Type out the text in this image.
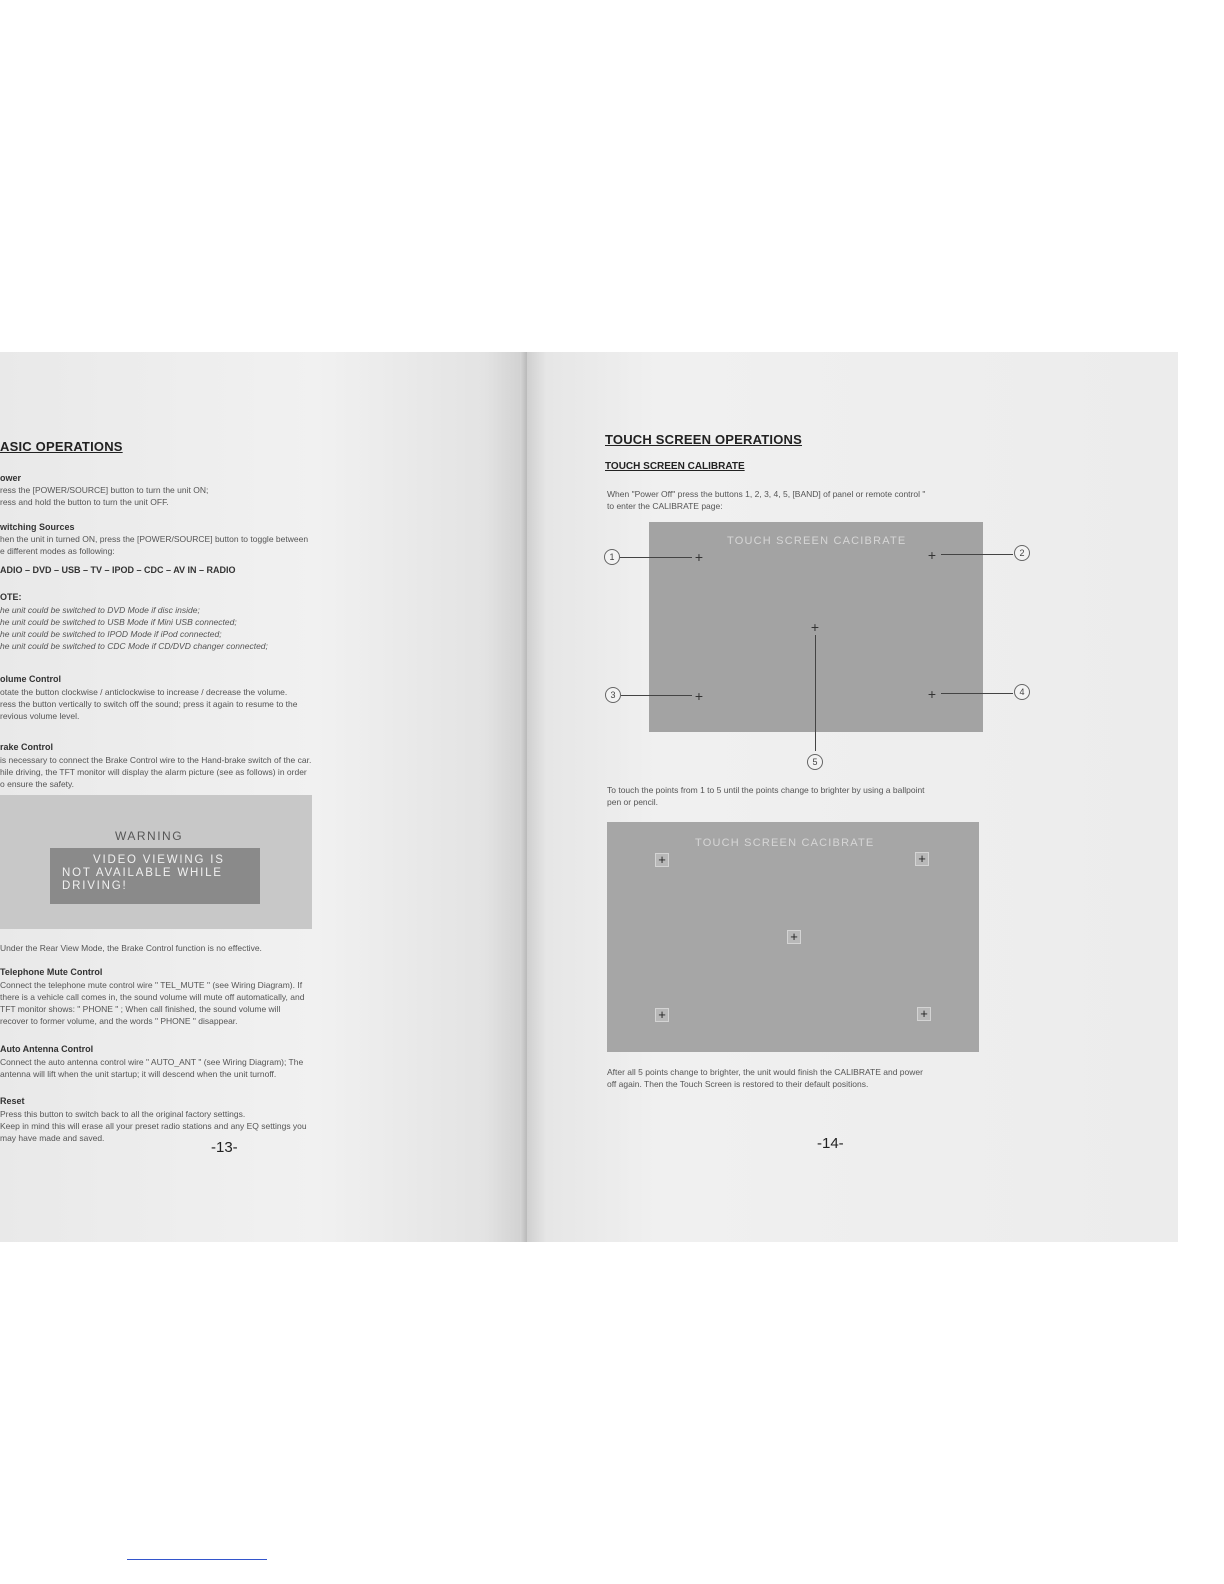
ASIC OPERATIONS
ower
ress the [POWER/SOURCE] button to turn the unit ON;
ress and hold the button to turn the unit OFF.
witching Sources
hen the unit in turned ON, press the [POWER/SOURCE] button to toggle between
e different modes as following:
ADIO – DVD – USB – TV – IPOD – CDC – AV IN – RADIO
OTE:
he unit could be switched to DVD Mode if disc inside;
he unit could be switched to USB Mode if Mini USB connected;
he unit could be switched to IPOD Mode if iPod connected;
he unit could be switched to CDC Mode if CD/DVD changer connected;
olume Control
otate the button clockwise / anticlockwise to increase / decrease the volume.
ress the button vertically to switch off the sound; press it again to resume to the
revious volume level.
rake Control
is necessary to connect the Brake Control wire to the Hand-brake switch of the car.
hile driving, the TFT monitor will display the alarm picture (see as follows) in order
o ensure the safety.
WARNING
VIDEO VIEWING IS
NOT AVAILABLE WHILE
DRIVING!
Under the Rear View Mode, the Brake Control function is no effective.
Telephone Mute Control
Connect the telephone mute control wire " TEL_MUTE " (see Wiring Diagram). If
there is a vehicle call comes in, the sound volume will mute off automatically, and
TFT monitor shows: " PHONE " ; When call finished, the sound volume will
recover to former volume, and the words " PHONE " disappear.
Auto Antenna Control
Connect the auto antenna control wire " AUTO_ANT " (see Wiring Diagram); The
antenna will lift when the unit startup; it will descend when the unit turnoff.
Reset
Press this button to switch back to all the original factory settings.
Keep in mind this will erase all your preset radio stations and any EQ settings you
may have made and saved.
-13-
TOUCH SCREEN OPERATIONS
TOUCH SCREEN CALIBRATE
When "Power Off" press the buttons 1, 2, 3, 4, 5, [BAND] of panel or remote control "
to enter the CALIBRATE page:
TOUCH SCREEN CACIBRATE
1	+	+	2
+
5
3	+	+	4
To touch the points from 1 to 5 until the points change to brighter by using a ballpoint
pen or pencil.
TOUCH SCREEN CACIBRATE
+	+
+
+	+
After all 5 points change to brighter, the unit would finish the CALIBRATE and power
off again. Then the Touch Screen is restored to their default positions.
-14-
